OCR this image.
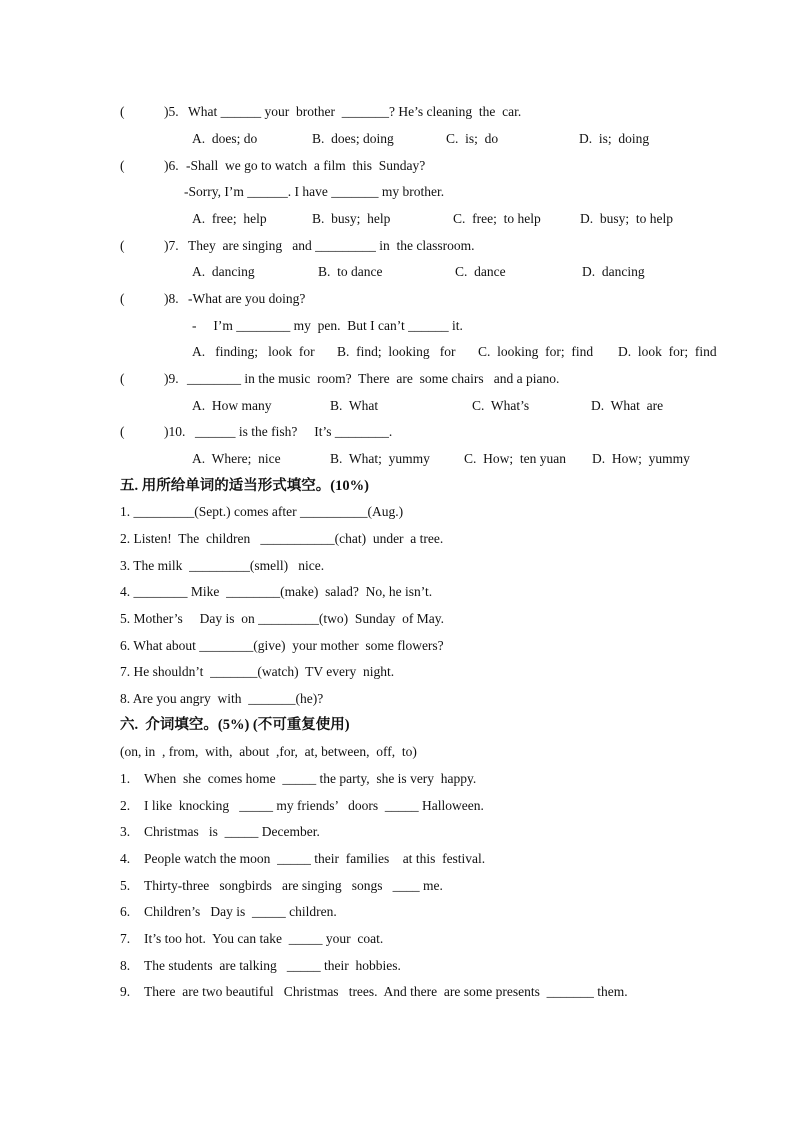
(	)5. What ______ your  brother  _______? He’s cleaning  the  car.
A.  does; do	B.  does; doing	C.  is;  do	D.  is;  doing
(	)6. -Shall  we go to watch  a film  this  Sunday?
-Sorry, I’m ______. I have _______ my brother.
A.  free;  help	B.  busy;  help	C.  free;  to help	D.  busy;  to help
(	)7. They  are singing   and _________ in  the classroom.
A.  dancing	B.  to dance	C.  dance	D.  dancing
(	)8. -What are you doing?
-     I’m ________ my  pen.  But I can’t ______ it.
A.   finding;   look  for B.  find;  looking   for C.  looking  for;  find D.  look  for;  find
(	)9. ________ in the music  room?  There  are  some chairs   and a piano.
A.  How many	B.  What	C.  What’s	D.  What  are
(	)10. ______ is the fish?     It’s ________.
A.  Where;  nice	B.  What;  yummy	C.  How;  ten yuan D.  How;  yummy
五. 用所给单词的适当形式填空。(10%)
1. _________(Sept.) comes after __________(Aug.)
2. Listen!  The  children   ___________(chat)  under  a tree.
3. The milk  _________(smell)   nice.
4. ________ Mike  ________(make)  salad?  No, he isn’t.
5. Mother’s     Day is  on _________(two)  Sunday  of May.
6. What about ________(give)  your mother  some flowers?
7. He shouldn’t  _______(watch)  TV every  night.
8. Are you angry  with  _______(he)?
六.  介词填空。(5%) (不可重复使用)
(on, in  , from,  with,  about  ,for,  at, between,  off,  to)
1. When  she  comes home  _____ the party,  she is very  happy.
2. I like  knocking   _____ my friends’   doors  _____ Halloween.
3. Christmas   is  _____ December.
4. People watch the moon  _____ their  families    at this  festival.
5. Thirty-three   songbirds   are singing   songs   ____ me.
6. Children’s   Day is  _____ children.
7. It’s too hot.  You can take  _____ your  coat.
8. The students  are talking   _____ their  hobbies.
9. There  are two beautiful   Christmas   trees.  And there  are some presents  _______ them.
